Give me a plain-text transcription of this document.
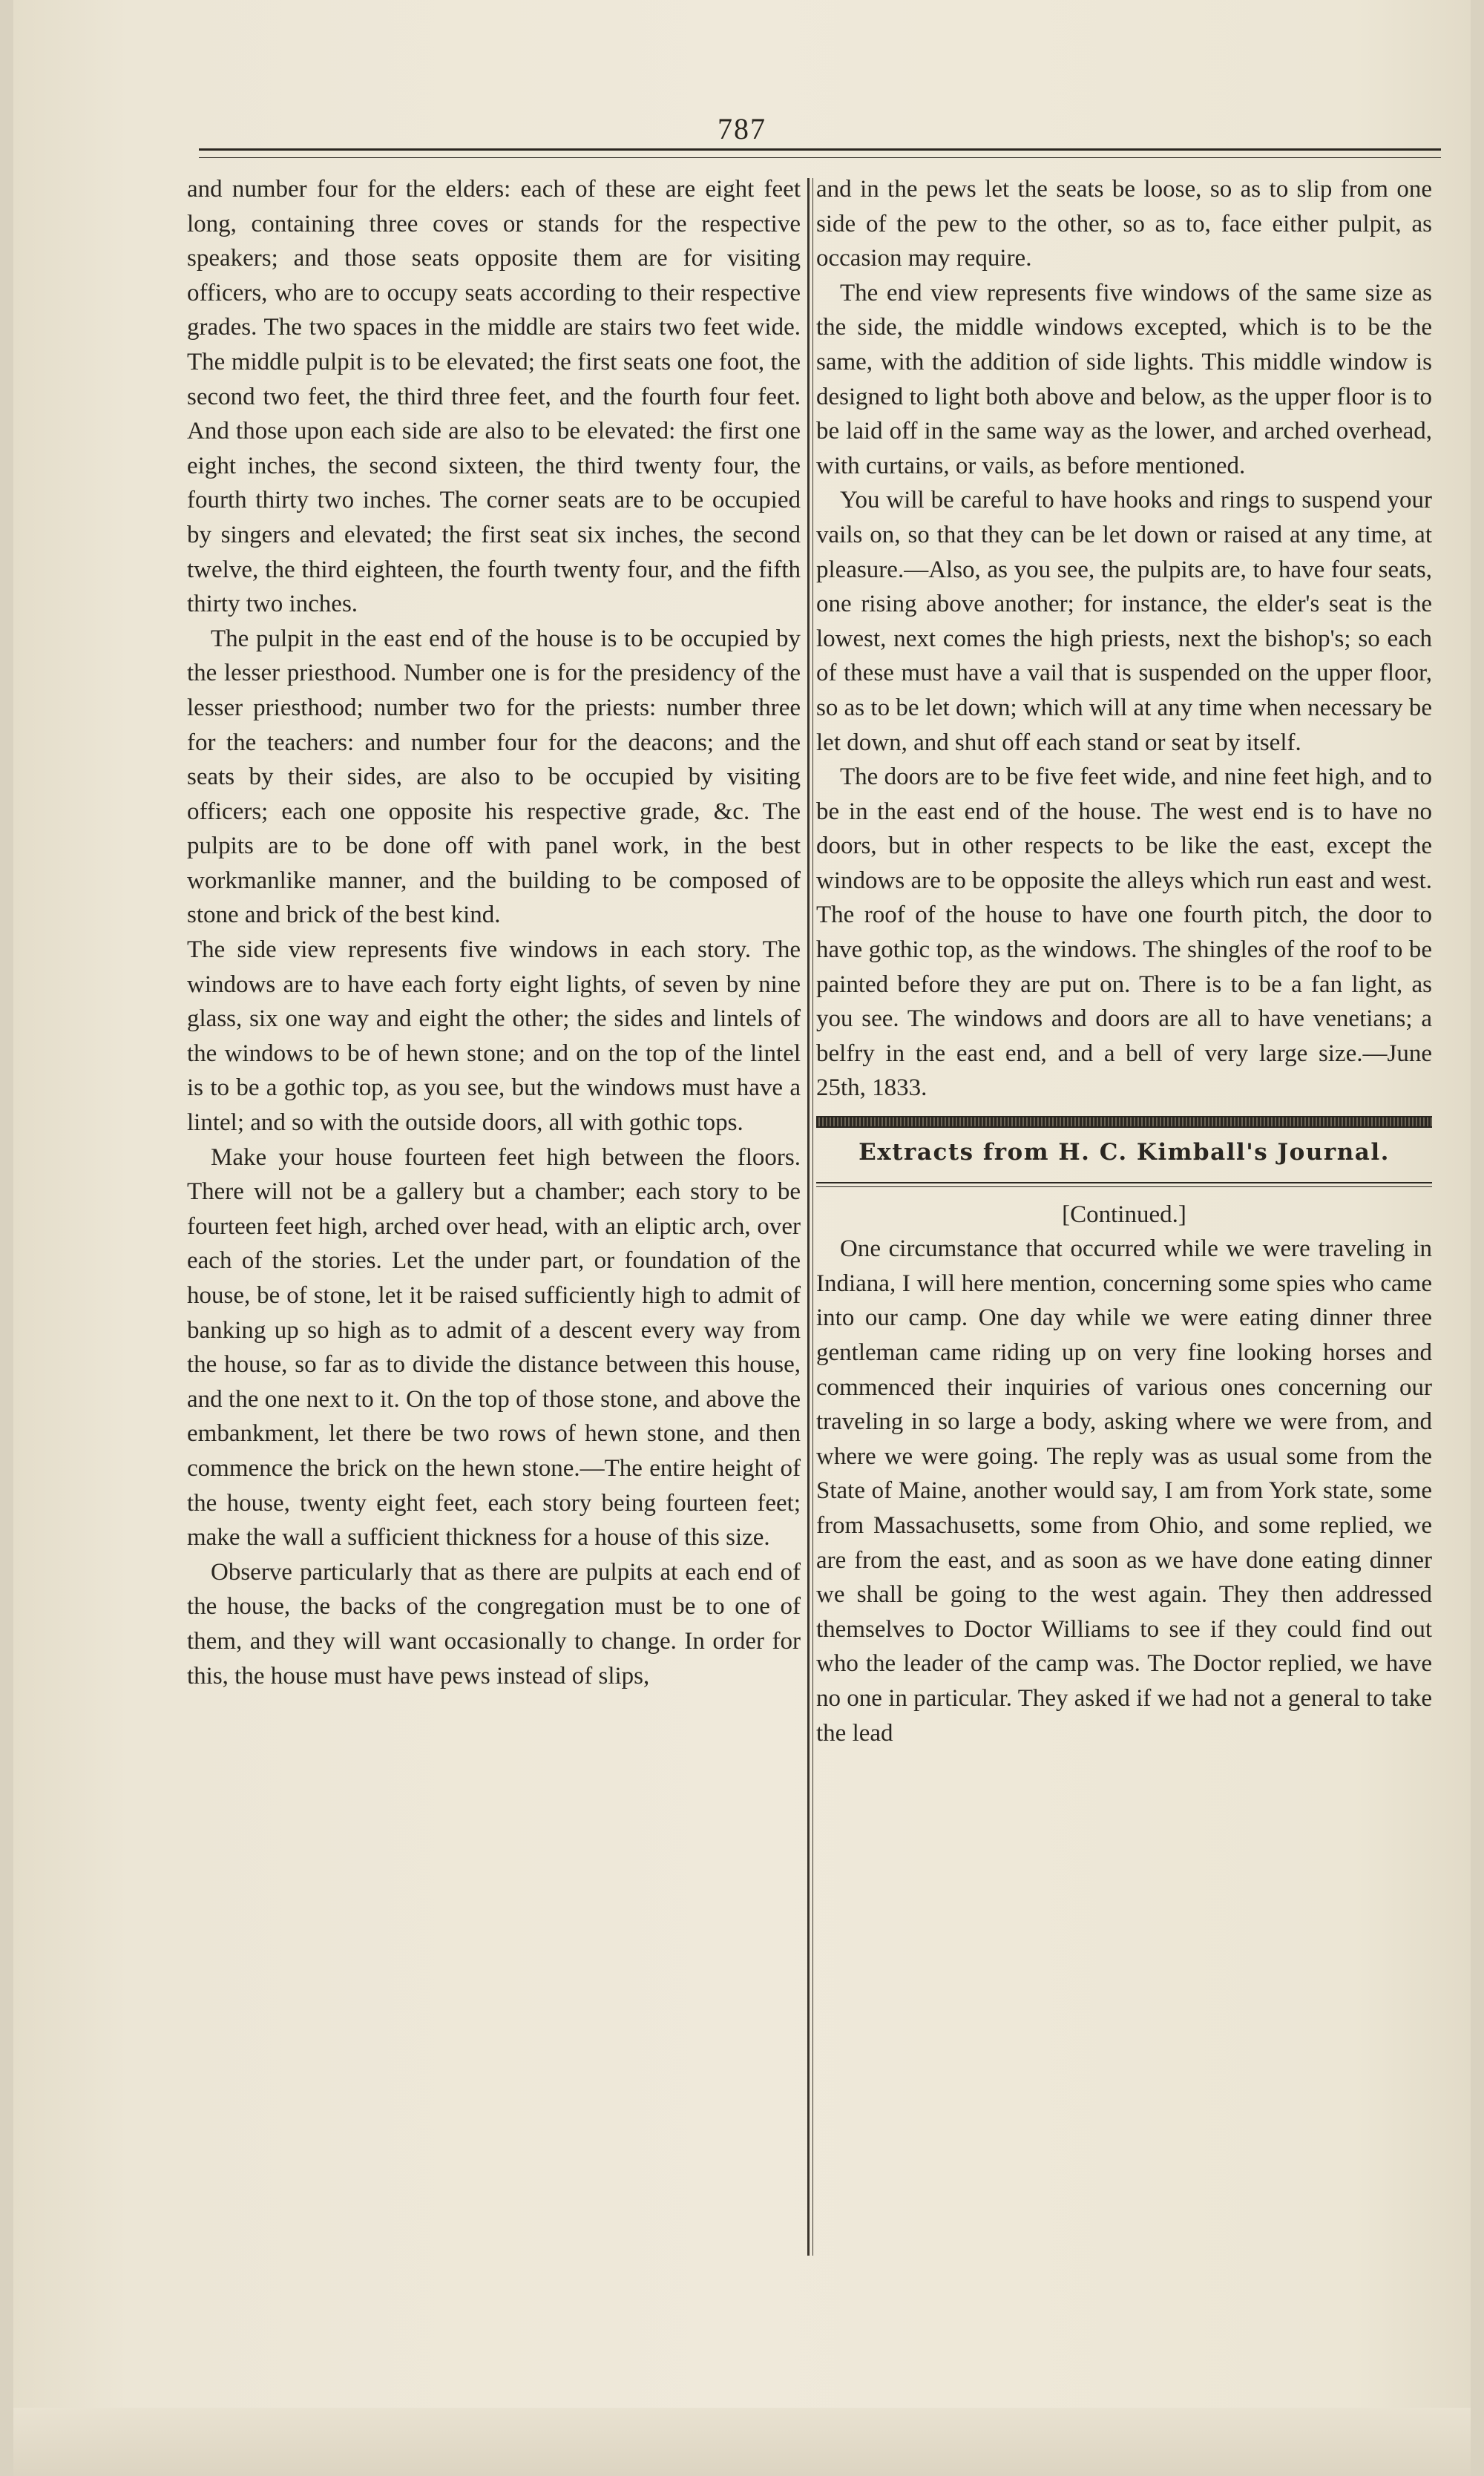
787

and number four for the elders: each of these are eight feet long, containing three coves or stands for the respective speakers; and those seats opposite them are for visiting officers, who are to occupy seats according to their respective grades. The two spaces in the middle are stairs two feet wide. The middle pulpit is to be elevated; the first seats one foot, the second two feet, the third three feet, and the fourth four feet. And those upon each side are also to be elevated: the first one eight inches, the second sixteen, the third twenty four, the fourth thirty two inches. The corner seats are to be occupied by singers and elevated; the first seat six inches, the second twelve, the third eighteen, the fourth twenty four, and the fifth thirty two inches.

The pulpit in the east end of the house is to be occupied by the lesser priesthood. Number one is for the presidency of the lesser priesthood; number two for the priests: number three for the teachers: and number four for the deacons; and the seats by their sides, are also to be occupied by visiting officers; each one opposite his respective grade, &c. The pulpits are to be done off with panel work, in the best workmanlike manner, and the building to be composed of stone and brick of the best kind.

The side view represents five windows in each story. The windows are to have each forty eight lights, of seven by nine glass, six one way and eight the other; the sides and lintels of the windows to be of hewn stone; and on the top of the lintel is to be a gothic top, as you see, but the windows must have a lintel; and so with the outside doors, all with gothic tops.

Make your house fourteen feet high between the floors. There will not be a gallery but a chamber; each story to be fourteen feet high, arched over head, with an eliptic arch, over each of the stories. Let the under part, or foundation of the house, be of stone, let it be raised sufficiently high to admit of banking up so high as to admit of a descent every way from the house, so far as to divide the distance between this house, and the one next to it. On the top of those stone, and above the embankment, let there be two rows of hewn stone, and then commence the brick on the hewn stone.—The entire height of the house, twenty eight feet, each story being fourteen feet; make the wall a sufficient thickness for a house of this size.

Observe particularly that as there are pulpits at each end of the house, the backs of the congregation must be to one of them, and they will want occasionally to change. In order for this, the house must have pews instead of slips,

and in the pews let the seats be loose, so as to slip from one side of the pew to the other, so as to, face either pulpit, as occasion may require.

The end view represents five windows of the same size as the side, the middle windows excepted, which is to be the same, with the addition of side lights. This middle window is designed to light both above and below, as the upper floor is to be laid off in the same way as the lower, and arched overhead, with curtains, or vails, as before mentioned.

You will be careful to have hooks and rings to suspend your vails on, so that they can be let down or raised at any time, at pleasure.—Also, as you see, the pulpits are, to have four seats, one rising above another; for instance, the elder's seat is the lowest, next comes the high priests, next the bishop's; so each of these must have a vail that is suspended on the upper floor, so as to be let down; which will at any time when necessary be let down, and shut off each stand or seat by itself.

The doors are to be five feet wide, and nine feet high, and to be in the east end of the house. The west end is to have no doors, but in other respects to be like the east, except the windows are to be opposite the alleys which run east and west. The roof of the house to have one fourth pitch, the door to have gothic top, as the windows. The shingles of the roof to be painted before they are put on. There is to be a fan light, as you see. The windows and doors are all to have venetians; a belfry in the east end, and a bell of very large size.—June 25th, 1833.

Extracts from H. C. Kimball's Journal.

[Continued.]

One circumstance that occurred while we were traveling in Indiana, I will here mention, concerning some spies who came into our camp. One day while we were eating dinner three gentleman came riding up on very fine looking horses and commenced their inquiries of various ones concerning our traveling in so large a body, asking where we were from, and where we were going. The reply was as usual some from the State of Maine, another would say, I am from York state, some from Massachusetts, some from Ohio, and some replied, we are from the east, and as soon as we have done eating dinner we shall be going to the west again. They then addressed themselves to Doctor Williams to see if they could find out who the leader of the camp was. The Doctor replied, we have no one in particular. They asked if we had not a general to take the lead
